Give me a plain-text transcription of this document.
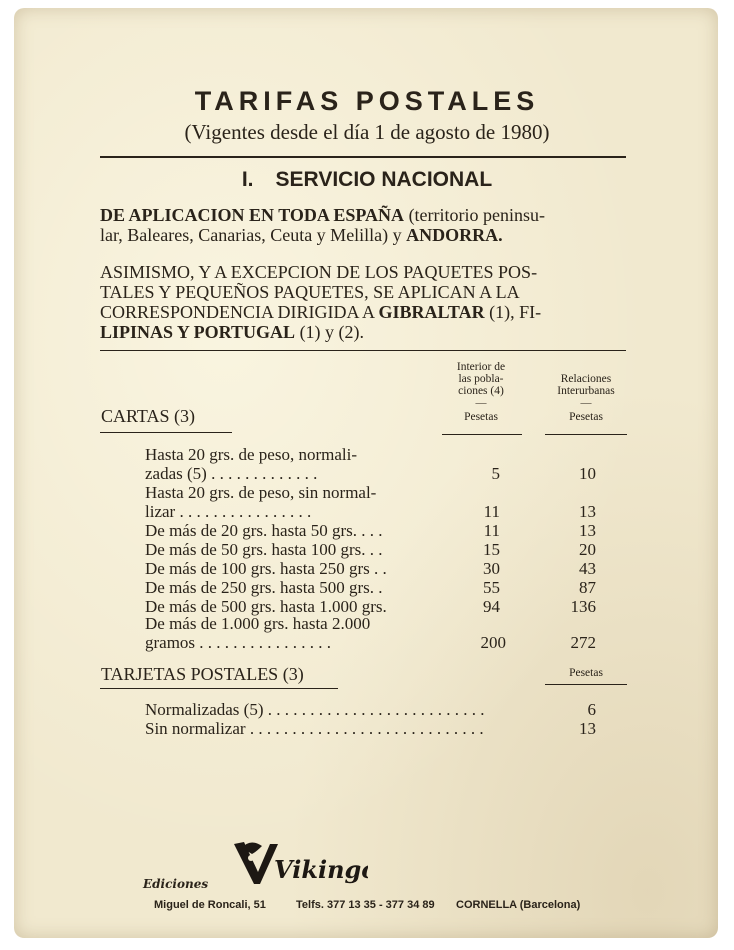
TARIFAS POSTALES
(Vigentes desde el día 1 de agosto de 1980)
I. SERVICIO NACIONAL
DE APLICACION EN TODA ESPAÑA (territorio peninsu-
lar, Baleares, Canarias, Ceuta y Melilla) y ANDORRA.
ASIMISMO, Y A EXCEPCION DE LOS PAQUETES POS-
TALES Y PEQUEÑOS PAQUETES, SE APLICAN A LA
CORRESPONDENCIA DIRIGIDA A GIBRALTAR (1), FI-
LIPINAS Y PORTUGAL (1) y (2).
Interior de
las pobla-
ciones (4)
—
Pesetas
Relaciones
Interurbanas
—
Pesetas
CARTAS (3)
Hasta 20 grs. de peso, normali-
zadas (5) . . . . . . . . . . . . .	5	10
Hasta 20 grs. de peso, sin normal-
lizar . . . . . . . . . . . . . . . .	11	13
De más de 20 grs. hasta 50 grs. . . .	11	13
De más de 50 grs. hasta 100 grs. . .	15	20
De más de 100 grs. hasta 250 grs . .	30	43
De más de 250 grs. hasta 500 grs. .	55	87
De más de 500 grs. hasta 1.000 grs.	94	136
De más de 1.000 grs. hasta 2.000
gramos . . . . . . . . . . . . . . . .	200	272
TARJETAS POSTALES (3)	Pesetas
Normalizadas (5) . . . . . . . . . . . . . . . . . . . . . . . . . .	6
Sin normalizar . . . . . . . . . . . . . . . . . . . . . . . . . . . .	13
Ediciones	Vikingo
Miguel de Roncali, 51	Telfs. 377 13 35 - 377 34 89 CORNELLA (Barcelona)
